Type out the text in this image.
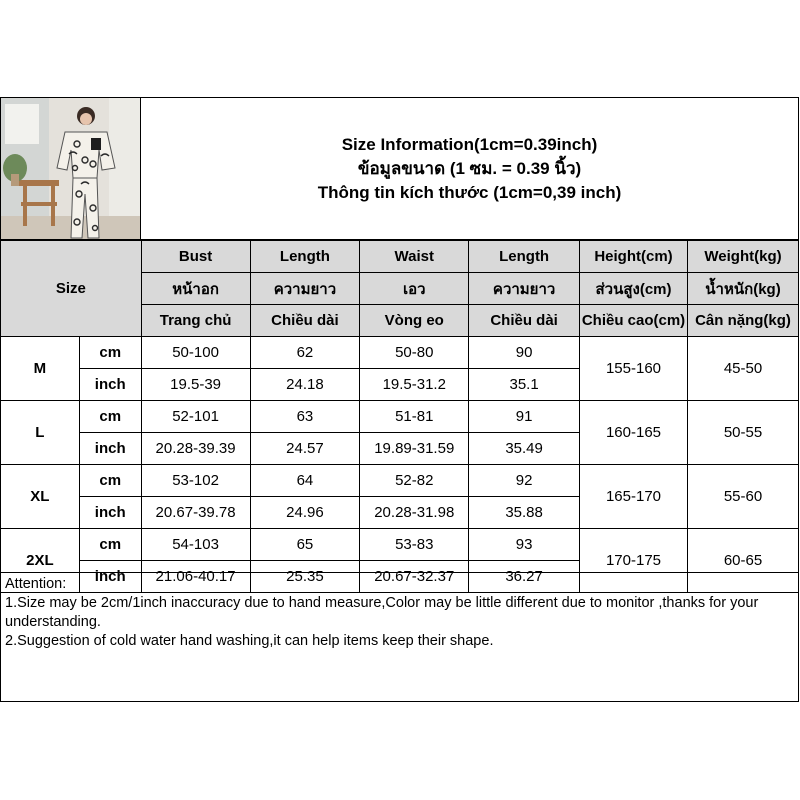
Size Information(1cm=0.39inch)
ข้อมูลขนาด (1 ซม. = 0.39 นิ้ว)
Thông tin kích thước (1cm=0,39 inch)
Size		Bust	Length	Waist	Length	Height(cm)	Weight(kg)
		หน้าอก	ความยาว	เอว	ความยาว	ส่วนสูง(cm)	น้ำหนัก(kg)
		Trang chủ	Chiều dài	Vòng eo	Chiều dài	Chiều cao(cm)	Cân nặng(kg)
M	cm	50-100	62	50-80	90	155-160	45-50
	inch	19.5-39	24.18	19.5-31.2	35.1		
L	cm	52-101	63	51-81	91	160-165	50-55
	inch	20.28-39.39	24.57	19.89-31.59	35.49		
XL	cm	53-102	64	52-82	92	165-170	55-60
	inch	20.67-39.78	24.96	20.28-31.98	35.88		
2XL	cm	54-103	65	53-83	93	170-175	60-65
	inch	21.06-40.17	25.35	20.67-32.37	36.27		

Attention:

1.Size may be 2cm/1inch inaccuracy due to hand measure,Color may be little different due to monitor ,thanks for your understanding.

2.Suggestion of cold water hand washing,it can help items keep their shape.
